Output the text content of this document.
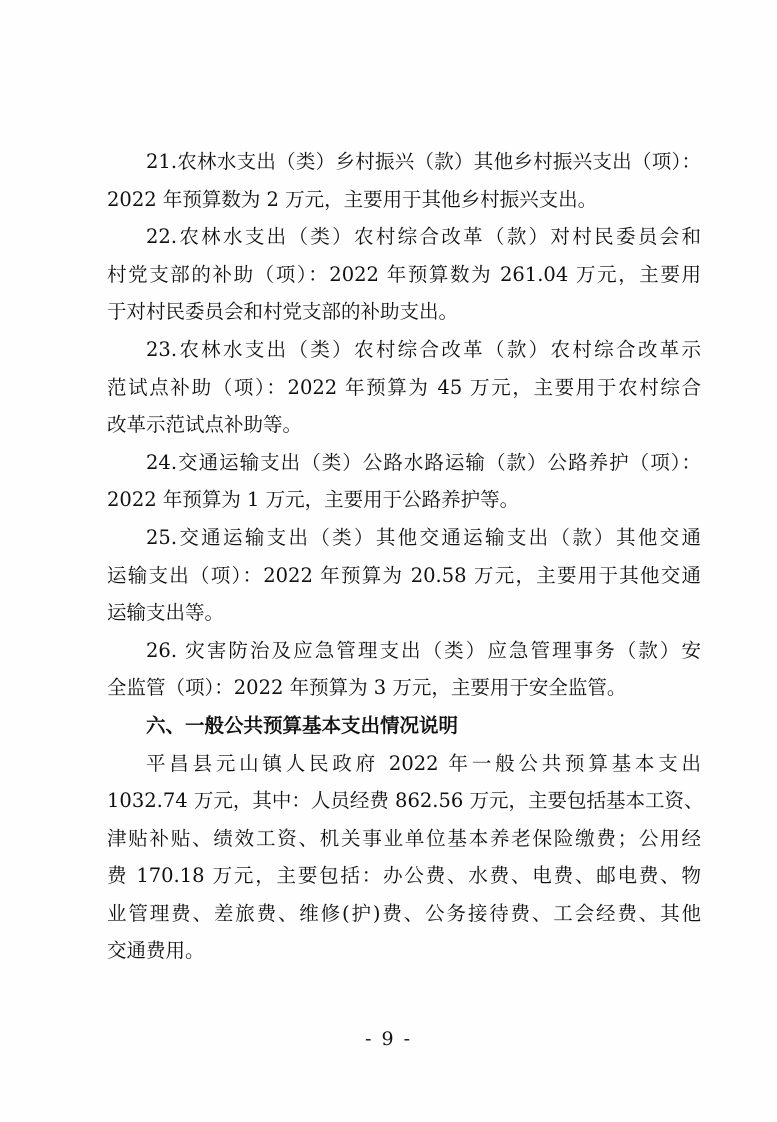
21.农林水支出（类）乡村振兴（款）其他乡村振兴支出（项）：
2022 年预算数为 2 万元，主要用于其他乡村振兴支出。
22.农林水支出（类）农村综合改革（款）对村民委员会和
村党支部的补助（项）：2022 年预算数为 261.04 万元，主要用
于对村民委员会和村党支部的补助支出。
23.农林水支出（类）农村综合改革（款）农村综合改革示
范试点补助（项）：2022 年预算为 45 万元，主要用于农村综合
改革示范试点补助等。
24.交通运输支出（类）公路水路运输（款）公路养护（项）：
2022 年预算为 1 万元，主要用于公路养护等。
25.交通运输支出（类）其他交通运输支出（款）其他交通
运输支出（项）：2022 年预算为 20.58 万元，主要用于其他交通
运输支出等。
26. 灾害防治及应急管理支出（类）应急管理事务（款）安
全监管（项）：2022 年预算为 3 万元，主要用于安全监管。
六、一般公共预算基本支出情况说明
平昌县元山镇人民政府 2022 年一般公共预算基本支出
1032.74 万元，其中：人员经费 862.56 万元，主要包括基本工资、
津贴补贴、绩效工资、机关事业单位基本养老保险缴费；公用经
费 170.18 万元，主要包括：办公费、水费、电费、邮电费、物
业管理费、差旅费、维修(护)费、公务接待费、工会经费、其他
交通费用。
- 9 -
